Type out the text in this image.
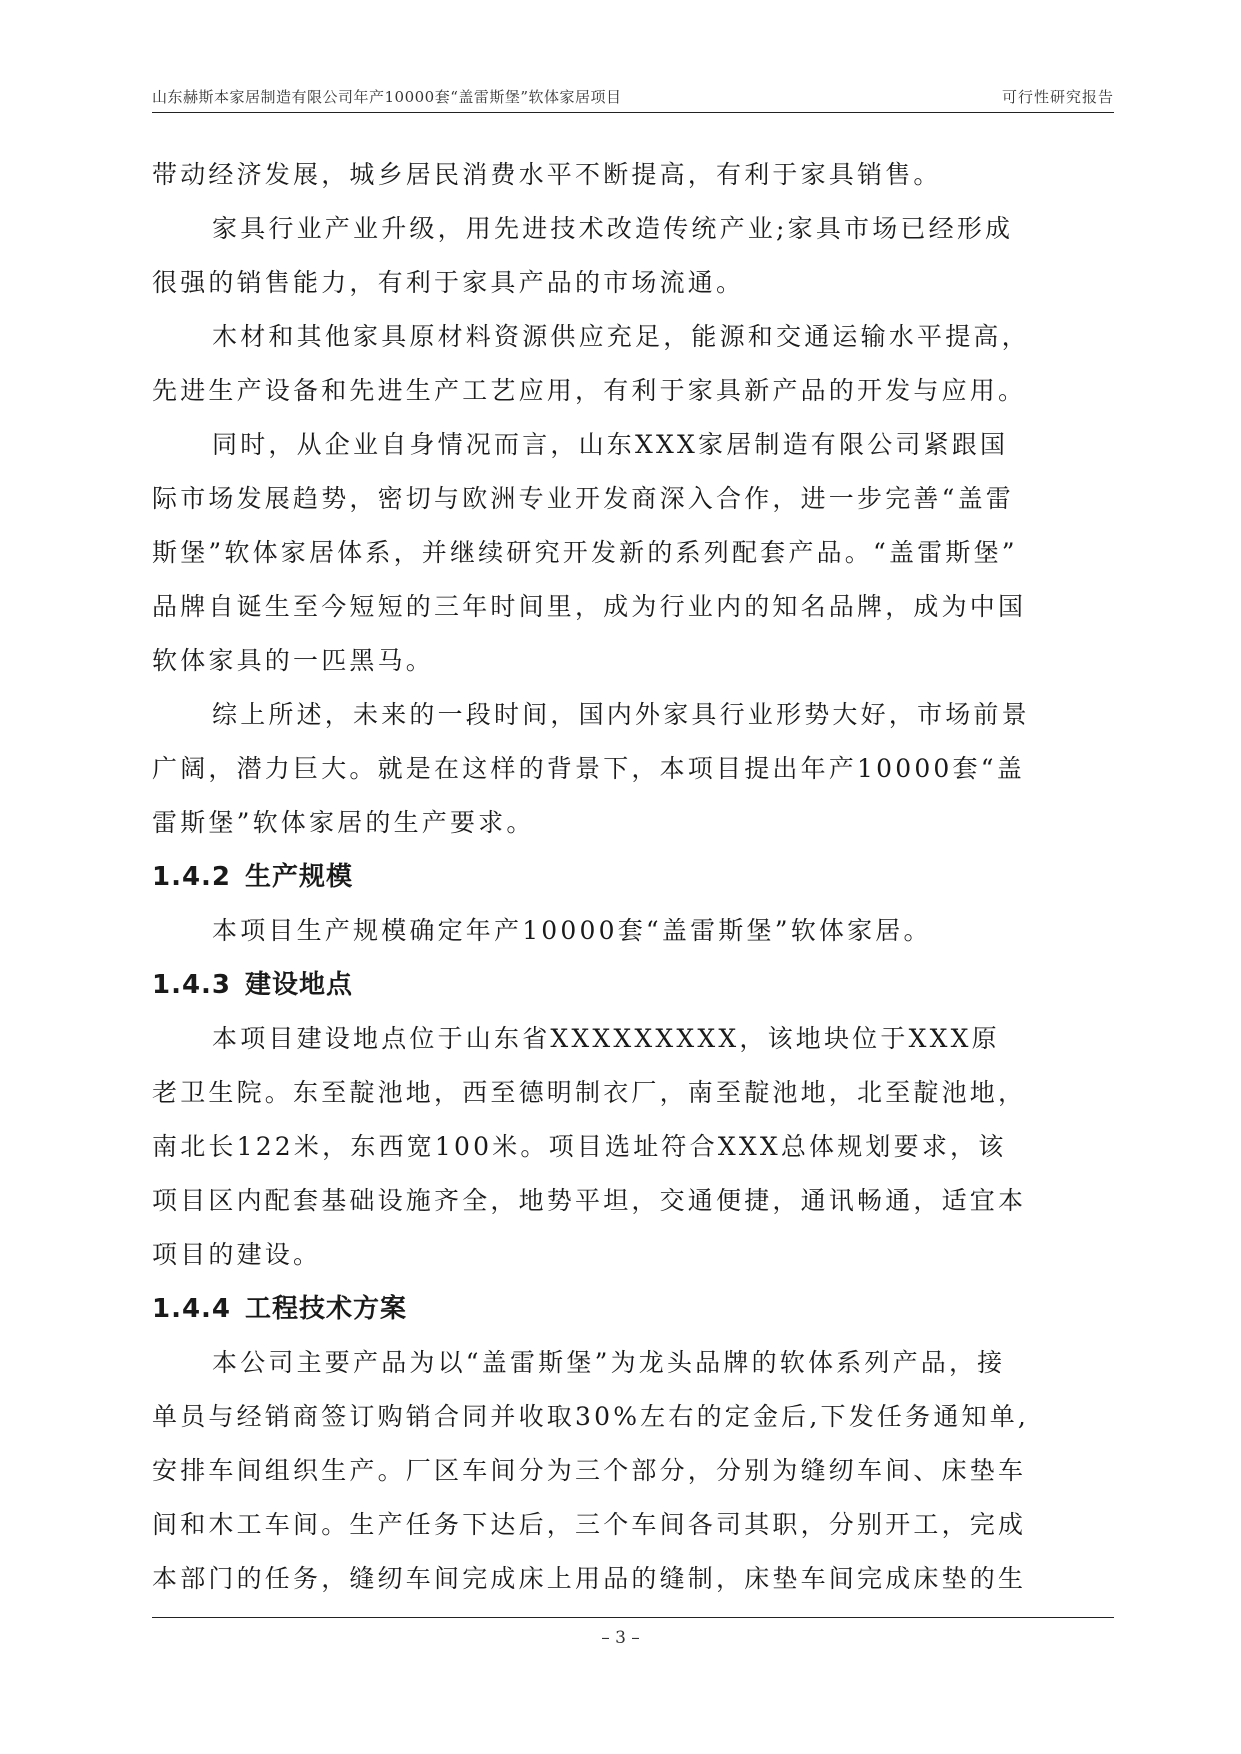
山东赫斯本家居制造有限公司年产10000套“盖雷斯堡”软体家居项目	可行性研究报告

带动经济发展，城乡居民消费水平不断提高，有利于家具销售。

家具行业产业升级，用先进技术改造传统产业;家具市场已经形成
很强的销售能力，有利于家具产品的市场流通。

木材和其他家具原材料资源供应充足，能源和交通运输水平提高，
先进生产设备和先进生产工艺应用，有利于家具新产品的开发与应用。

同时，从企业自身情况而言，山东XXX家居制造有限公司紧跟国
际市场发展趋势，密切与欧洲专业开发商深入合作，进一步完善“盖雷
斯堡”软体家居体系，并继续研究开发新的系列配套产品。“盖雷斯堡”
品牌自诞生至今短短的三年时间里，成为行业内的知名品牌，成为中国
软体家具的一匹黑马。

综上所述，未来的一段时间，国内外家具行业形势大好，市场前景
广阔，潜力巨大。就是在这样的背景下，本项目提出年产10000套“盖
雷斯堡”软体家居的生产要求。

1.4.2 生产规模

本项目生产规模确定年产10000套“盖雷斯堡”软体家居。

1.4.3 建设地点

本项目建设地点位于山东省XXXXXXXXX，该地块位于XXX原
老卫生院。东至靛池地，西至德明制衣厂，南至靛池地，北至靛池地，
南北长122米，东西宽100米。项目选址符合XXX总体规划要求，该
项目区内配套基础设施齐全，地势平坦，交通便捷，通讯畅通，适宜本
项目的建设。

1.4.4 工程技术方案

本公司主要产品为以“盖雷斯堡”为龙头品牌的软体系列产品，接
单员与经销商签订购销合同并收取30%左右的定金后,下发任务通知单,
安排车间组织生产。厂区车间分为三个部分，分别为缝纫车间、床垫车
间和木工车间。生产任务下达后，三个车间各司其职，分别开工，完成
本部门的任务，缝纫车间完成床上用品的缝制，床垫车间完成床垫的生

– 3 –
